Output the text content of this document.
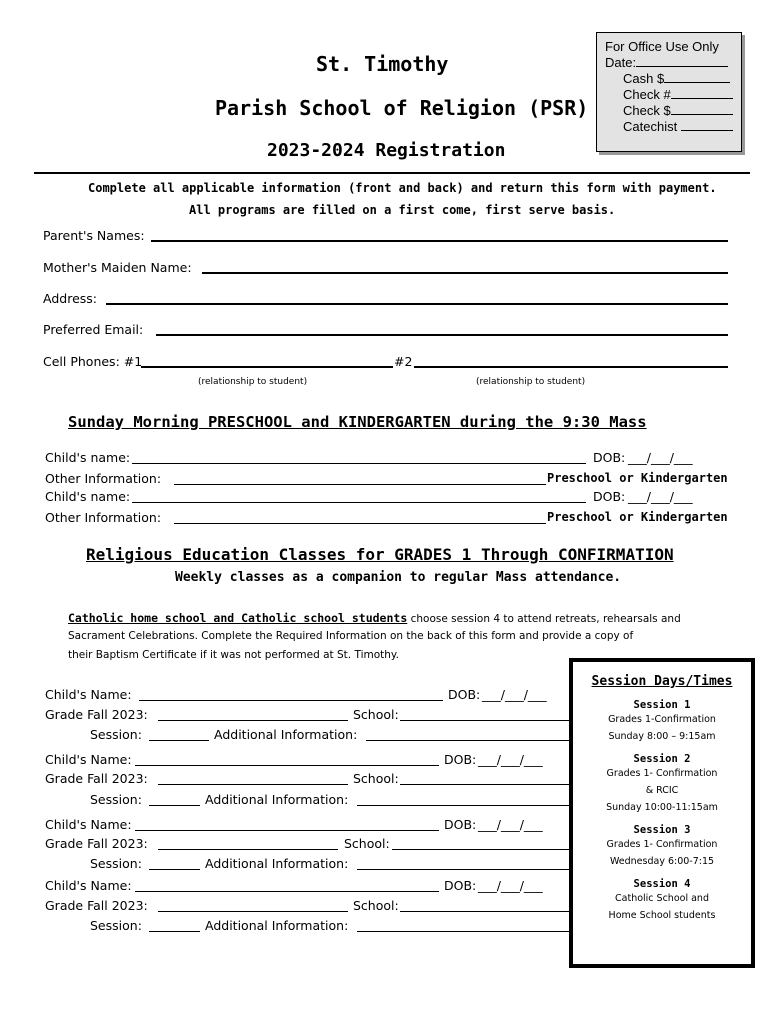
St. Timothy
Parish School of Religion (PSR)
2023-2024 Registration
For Office Use Only
Date:
Cash $
Check #
Check $
Catechist
Complete all applicable information (front and back) and return this form with payment.
All programs are filled on a first come, first serve basis.
Parent's Names:
Mother's Maiden Name:
Address:
Preferred Email:
Cell Phones: #1	#2
(relationship to student)	(relationship to student)
Sunday Morning PRESCHOOL and KINDERGARTEN during the 9:30 Mass
Child's name:	DOB: ___/___/___
Other Information:	Preschool or Kindergarten
Child's name:	DOB: ___/___/___
Other Information:	Preschool or Kindergarten
Religious Education Classes for GRADES 1 Through CONFIRMATION
Weekly classes as a companion to regular Mass attendance.
Catholic home school and Catholic school students choose session 4 to attend retreats, rehearsals and
Sacrament Celebrations. Complete the Required Information on the back of this form and provide a copy of
their Baptism Certificate if it was not performed at St. Timothy.
Child's Name:	DOB: ___/___/___
Grade Fall 2023:	School:
Session:	Additional Information:
Child's Name:	DOB: ___/___/___
Grade Fall 2023:	School:
Session:	Additional Information:
Child's Name:	DOB: ___/___/___
Grade Fall 2023:	School:
Session:	Additional Information:
Child's Name:	DOB: ___/___/___
Grade Fall 2023:	School:
Session:	Additional Information:
Session Days/Times
Session 1
Grades 1-Confirmation
Sunday 8:00 – 9:15am
Session 2
Grades 1- Confirmation
& RCIC
Sunday 10:00-11:15am
Session 3
Grades 1- Confirmation
Wednesday 6:00-7:15
Session 4
Catholic School and
Home School students
